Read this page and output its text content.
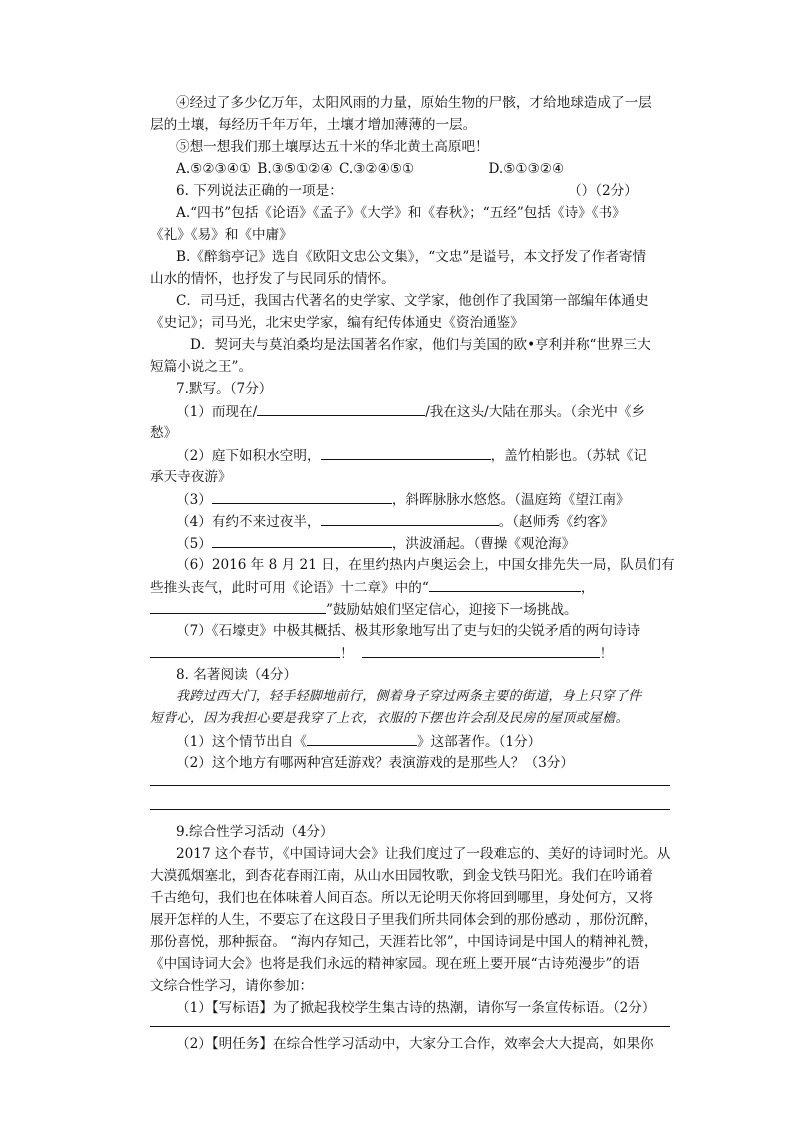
④经过了多少亿万年，太阳风雨的力量，原始生物的尸骸，才给地球造成了一层
层的土壤，每经历千年万年，土壤才增加薄薄的一层。
⑤想一想我们那土壤厚达五十米的华北黄土高原吧！
A.⑤②③④① B.③⑤①②④ C.③②④⑤①	D.⑤①③②④
6. 下列说法正确的一项是：	（）（2分）
A.“四书”包括《论语》《孟子》《大学》和《春秋》；“五经”包括《诗》《书》
《礼》《易》和《中庸》
B.《醉翁亭记》选自《欧阳文忠公文集》，“文忠”是谥号，本文抒发了作者寄情
山水的情怀，也抒发了与民同乐的情怀。
C．司马迁，我国古代著名的史学家、文学家，他创作了我国第一部编年体通史
《史记》；司马光，北宋史学家，编有纪传体通史《资治通鉴》
D．契诃夫与莫泊桑均是法国著名作家，他们与美国的欧•亨利并称“世界三大
短篇小说之王”。
7.默写。（7分）
（1）而现在/	/我在这头/大陆在那头。（余光中《乡
愁》
（2）庭下如积水空明，	，盖竹柏影也。（苏轼《记
承天寺夜游》
（3）	，斜晖脉脉水悠悠。（温庭筠《望江南》
（4）有约不来过夜半，	。（赵师秀《约客》
（5）	，洪波涌起。（曹操《观沧海》
（6）2016 年 8 月 21 日，在里约热内卢奥运会上，中国女排先失一局，队员们有
些推头丧气，此时可用《论语》十二章》中的“	，
”鼓励姑娘们坚定信心，迎接下一场挑战。
（7）《石壕吏》中极其概括、极其形象地写出了吏与妇的尖锐矛盾的两句诗诗
！	！
8. 名著阅读（4分）
我跨过西大门，轻手轻脚地前行，侧着身子穿过两条主要的街道，身上只穿了件
短背心，因为我担心要是我穿了上衣，衣服的下摆也许会刮及民房的屋顶或屋檐。
（1）这个情节出自《	》这部著作。（1分）
（2）这个地方有哪两种宫廷游戏？表演游戏的是那些人？（3分）
9.综合性学习活动（4分）
2017 这个春节，《中国诗词大会》让我们度过了一段难忘的、美好的诗词时光。从
大漠孤烟塞北，到杏花春雨江南，从山水田园牧歌，到金戈铁马阳光。我们在吟诵着
千古绝句，我们也在体味着人间百态。所以无论明天你将回到哪里，身处何方，又将
展开怎样的人生，不要忘了在这段日子里我们所共同体会到的那份感动 ，那份沉醉，
那份喜悦，那种振奋。 “海内存知己，天涯若比邻”，中国诗词是中国人的精神礼赞，
《中国诗词大会》也将是我们永远的精神家园。现在班上要开展“古诗苑漫步”的语
文综合性学习，请你参加：
（1）【写标语】为了掀起我校学生集古诗的热潮，请你写一条宣传标语。（2分）
（2）【明任务】在综合性学习活动中，大家分工合作，效率会大大提高，如果你
